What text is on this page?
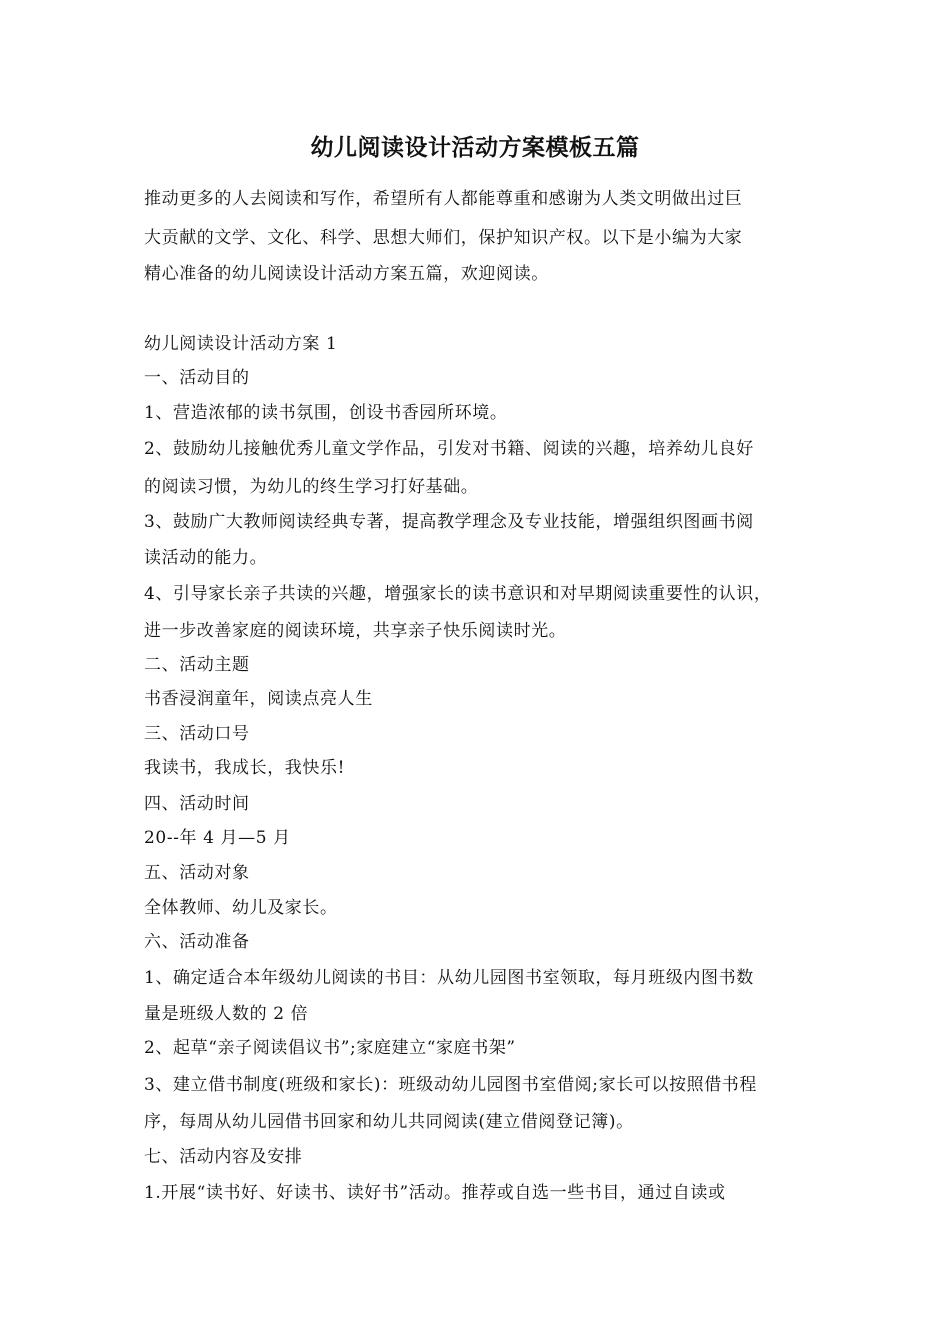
幼儿阅读设计活动方案模板五篇
推动更多的人去阅读和写作，希望所有人都能尊重和感谢为人类文明做出过巨
大贡献的文学、文化、科学、思想大师们，保护知识产权。以下是小编为大家
精心准备的幼儿阅读设计活动方案五篇，欢迎阅读。
幼儿阅读设计活动方案 1
一、活动目的
1、营造浓郁的读书氛围，创设书香园所环境。
2、鼓励幼儿接触优秀儿童文学作品，引发对书籍、阅读的兴趣，培养幼儿良好
的阅读习惯，为幼儿的终生学习打好基础。
3、鼓励广大教师阅读经典专著，提高教学理念及专业技能，增强组织图画书阅
读活动的能力。
4、引导家长亲子共读的兴趣，增强家长的读书意识和对早期阅读重要性的认识，
进一步改善家庭的阅读环境，共享亲子快乐阅读时光。
二、活动主题
书香浸润童年，阅读点亮人生
三、活动口号
我读书，我成长，我快乐!
四、活动时间
20--年 4 月—5 月
五、活动对象
全体教师、幼儿及家长。
六、活动准备
1、确定适合本年级幼儿阅读的书目：从幼儿园图书室领取，每月班级内图书数
量是班级人数的 2 倍
2、起草“亲子阅读倡议书”;家庭建立“家庭书架”
3、建立借书制度(班级和家长)：班级动幼儿园图书室借阅;家长可以按照借书程
序，每周从幼儿园借书回家和幼儿共同阅读(建立借阅登记簿)。
七、活动内容及安排
1.开展“读书好、好读书、读好书”活动。推荐或自选一些书目，通过自读或
